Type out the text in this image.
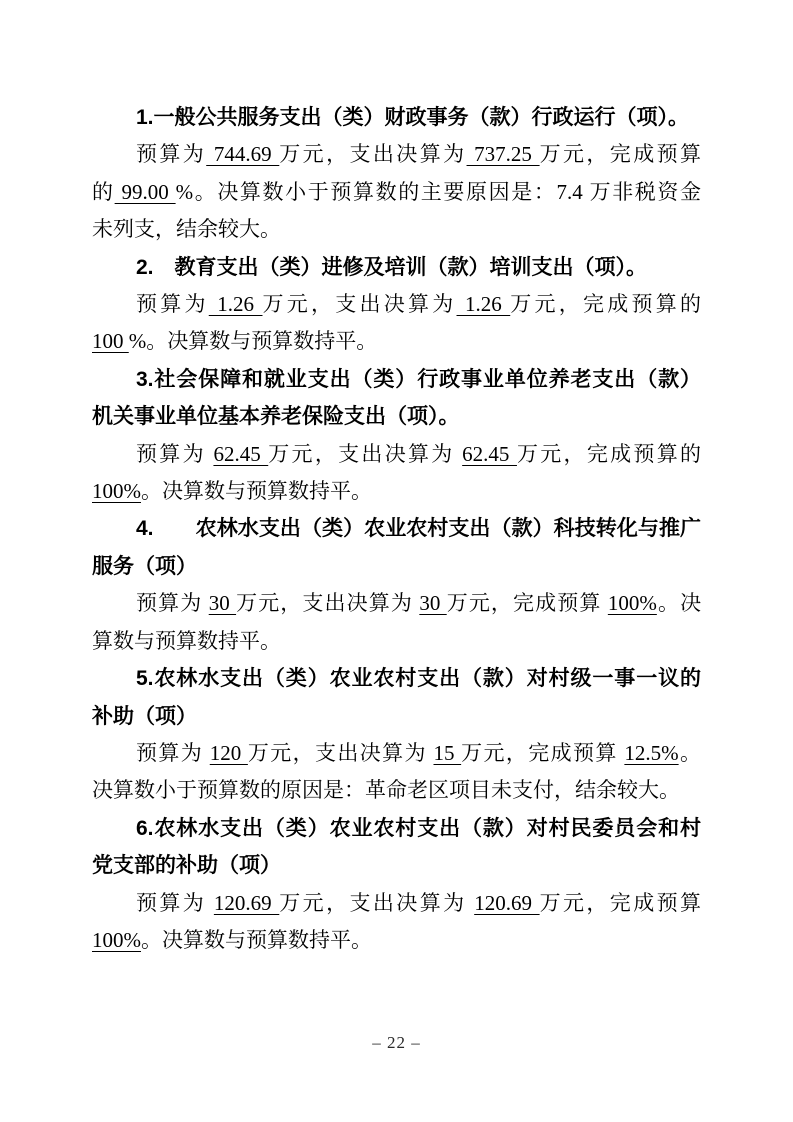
1.一般公共服务支出（类）财政事务（款）行政运行（项）。
预算为 744.69 万元，支出决算为 737.25 万元，完成预算
的 99.00 %。决算数小于预算数的主要原因是：7.4 万非税资金
未列支，结余较大。
2.　教育支出（类）进修及培训（款）培训支出（项）。
预算为 1.26 万元，支出决算为 1.26 万元，完成预算的
100 %。决算数与预算数持平。
3.社会保障和就业支出（类）行政事业单位养老支出（款）
机关事业单位基本养老保险支出（项）。
预算为 62.45 万元，支出决算为 62.45 万元，完成预算的
100%。决算数与预算数持平。
4.　　农林水支出（类）农业农村支出（款）科技转化与推广
服务（项）
预算为 30 万元，支出决算为 30 万元，完成预算 100%。决
算数与预算数持平。
5.农林水支出（类）农业农村支出（款）对村级一事一议的
补助（项）
预算为 120 万元，支出决算为 15 万元，完成预算 12.5%。
决算数小于预算数的原因是：革命老区项目未支付，结余较大。
6.农林水支出（类）农业农村支出（款）对村民委员会和村
党支部的补助（项）
预算为 120.69 万元，支出决算为 120.69 万元，完成预算
100%。决算数与预算数持平。
– 22 –
